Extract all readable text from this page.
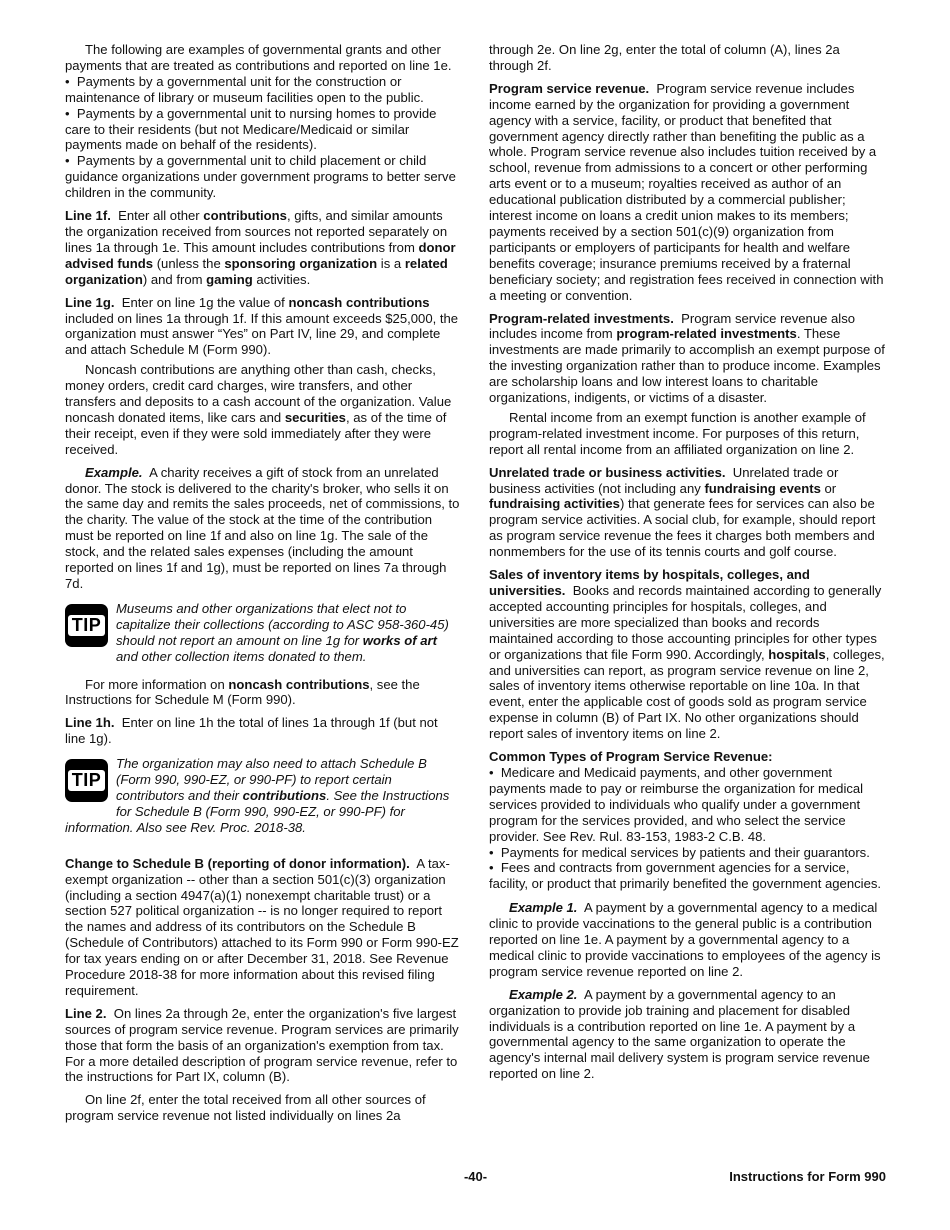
The following are examples of governmental grants and other payments that are treated as contributions and reported on line 1e.

•  Payments by a governmental unit for the construction or maintenance of library or museum facilities open to the public.

•  Payments by a governmental unit to nursing homes to provide care to their residents (but not Medicare/Medicaid or similar payments made on behalf of the residents).

•  Payments by a governmental unit to child placement or child guidance organizations under government programs to better serve children in the community.

Line 1f. Enter all other contributions, gifts, and similar amounts the organization received from sources not reported separately on lines 1a through 1e. This amount includes contributions from donor advised funds (unless the sponsoring organization is a related organization) and from gaming activities.

Line 1g. Enter on line 1g the value of noncash contributions included on lines 1a through 1f. If this amount exceeds $25,000, the organization must answer “Yes” on Part IV, line 29, and complete and attach Schedule M (Form 990).

Noncash contributions are anything other than cash, checks, money orders, credit card charges, wire transfers, and other transfers and deposits to a cash account of the organization. Value noncash donated items, like cars and securities, as of the time of their receipt, even if they were sold immediately after they were received.

Example. A charity receives a gift of stock from an unrelated donor. The stock is delivered to the charity's broker, who sells it on the same day and remits the sales proceeds, net of commissions, to the charity. The value of the stock at the time of the contribution must be reported on line 1f and also on line 1g. The sale of the stock, and the related sales expenses (including the amount reported on lines 1f and 1g), must be reported on lines 7a through 7d.

TIP

Museums and other organizations that elect not to capitalize their collections (according to ASC 958-360-45) should not report an amount on line 1g for works of art and other collection items donated to them.

For more information on noncash contributions, see the Instructions for Schedule M (Form 990).

Line 1h. Enter on line 1h the total of lines 1a through 1f (but not line 1g).

TIP

The organization may also need to attach Schedule B (Form 990, 990-EZ, or 990-PF) to report certain contributors and their contributions. See the Instructions for Schedule B (Form 990, 990-EZ, or 990-PF) for information. Also see Rev. Proc. 2018-38.

Change to Schedule B (reporting of donor information). A tax-exempt organization -- other than a section 501(c)(3) organization (including a section 4947(a)(1) nonexempt charitable trust) or a section 527 political organization -- is no longer required to report the names and address of its contributors on the Schedule B (Schedule of Contributors) attached to its Form 990 or Form 990-EZ for tax years ending on or after December 31, 2018. See Revenue Procedure 2018-38 for more information about this revised filing requirement.

Line 2. On lines 2a through 2e, enter the organization's five largest sources of program service revenue. Program services are primarily those that form the basis of an organization's exemption from tax. For a more detailed description of program service revenue, refer to the instructions for Part IX, column (B).

On line 2f, enter the total received from all other sources of program service revenue not listed individually on lines 2a

through 2e. On line 2g, enter the total of column (A), lines 2a through 2f.

Program service revenue. Program service revenue includes income earned by the organization for providing a government agency with a service, facility, or product that benefited that government agency directly rather than benefiting the public as a whole. Program service revenue also includes tuition received by a school, revenue from admissions to a concert or other performing arts event or to a museum; royalties received as author of an educational publication distributed by a commercial publisher; interest income on loans a credit union makes to its members; payments received by a section 501(c)(9) organization from participants or employers of participants for health and welfare benefits coverage; insurance premiums received by a fraternal beneficiary society; and registration fees received in connection with a meeting or convention.

Program-related investments. Program service revenue also includes income from program-related investments. These investments are made primarily to accomplish an exempt purpose of the investing organization rather than to produce income. Examples are scholarship loans and low interest loans to charitable organizations, indigents, or victims of a disaster.

Rental income from an exempt function is another example of program-related investment income. For purposes of this return, report all rental income from an affiliated organization on line 2.

Unrelated trade or business activities. Unrelated trade or business activities (not including any fundraising events or fundraising activities) that generate fees for services can also be program service activities. A social club, for example, should report as program service revenue the fees it charges both members and nonmembers for the use of its tennis courts and golf course.

Sales of inventory items by hospitals, colleges, and universities. Books and records maintained according to generally accepted accounting principles for hospitals, colleges, and universities are more specialized than books and records maintained according to those accounting principles for other types or organizations that file Form 990. Accordingly, hospitals, colleges, and universities can report, as program service revenue on line 2, sales of inventory items otherwise reportable on line 10a. In that event, enter the applicable cost of goods sold as program service expense in column (B) of Part IX. No other organizations should report sales of inventory items on line 2.

Common Types of Program Service Revenue:

•  Medicare and Medicaid payments, and other government payments made to pay or reimburse the organization for medical services provided to individuals who qualify under a government program for the services provided, and who select the service provider. See Rev. Rul. 83-153, 1983-2 C.B. 48.

•  Payments for medical services by patients and their guarantors.

•  Fees and contracts from government agencies for a service, facility, or product that primarily benefited the government agencies.

Example 1. A payment by a governmental agency to a medical clinic to provide vaccinations to the general public is a contribution reported on line 1e. A payment by a governmental agency to a medical clinic to provide vaccinations to employees of the agency is program service revenue reported on line 2.

Example 2. A payment by a governmental agency to an organization to provide job training and placement for disabled individuals is a contribution reported on line 1e. A payment by a governmental agency to the same organization to operate the agency's internal mail delivery system is program service revenue reported on line 2.

-40-	Instructions for Form 990
